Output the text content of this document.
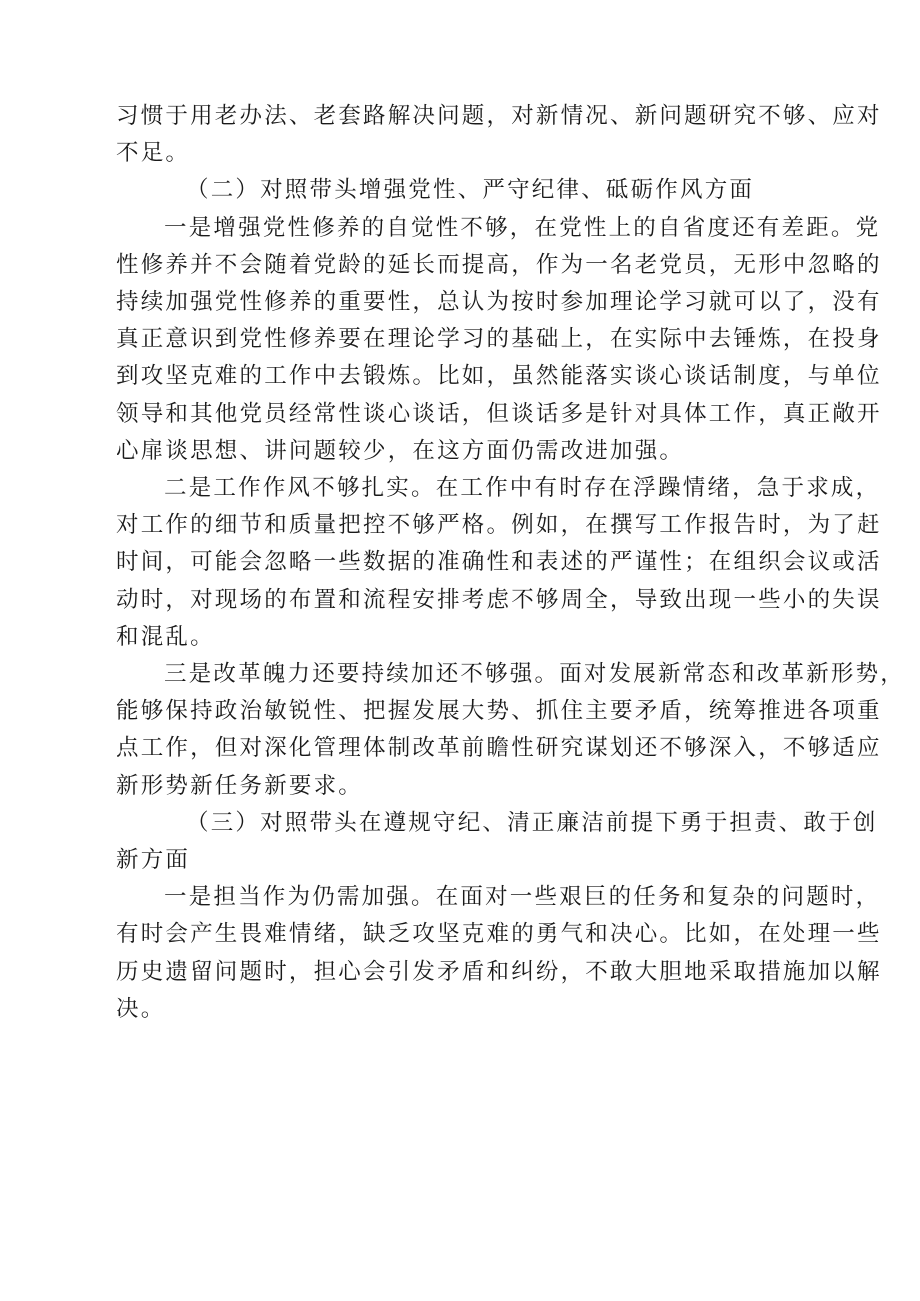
习惯于用老办法、老套路解决问题，对新情况、新问题研究不够、应对
不足。
（二）对照带头增强党性、严守纪律、砥砺作风方面
一是增强党性修养的自觉性不够，在党性上的自省度还有差距。党
性修养并不会随着党龄的延长而提高，作为一名老党员，无形中忽略的
持续加强党性修养的重要性，总认为按时参加理论学习就可以了，没有
真正意识到党性修养要在理论学习的基础上，在实际中去锤炼，在投身
到攻坚克难的工作中去锻炼。比如，虽然能落实谈心谈话制度，与单位
领导和其他党员经常性谈心谈话，但谈话多是针对具体工作，真正敞开
心扉谈思想、讲问题较少，在这方面仍需改进加强。
二是工作作风不够扎实。在工作中有时存在浮躁情绪，急于求成，
对工作的细节和质量把控不够严格。例如，在撰写工作报告时，为了赶
时间，可能会忽略一些数据的准确性和表述的严谨性；在组织会议或活
动时，对现场的布置和流程安排考虑不够周全，导致出现一些小的失误
和混乱。
三是改革魄力还要持续加还不够强。面对发展新常态和改革新形势，
能够保持政治敏锐性、把握发展大势、抓住主要矛盾，统筹推进各项重
点工作，但对深化管理体制改革前瞻性研究谋划还不够深入，不够适应
新形势新任务新要求。
（三）对照带头在遵规守纪、清正廉洁前提下勇于担责、敢于创
新方面
一是担当作为仍需加强。在面对一些艰巨的任务和复杂的问题时，
有时会产生畏难情绪，缺乏攻坚克难的勇气和决心。比如，在处理一些
历史遗留问题时，担心会引发矛盾和纠纷，不敢大胆地采取措施加以解
决。
